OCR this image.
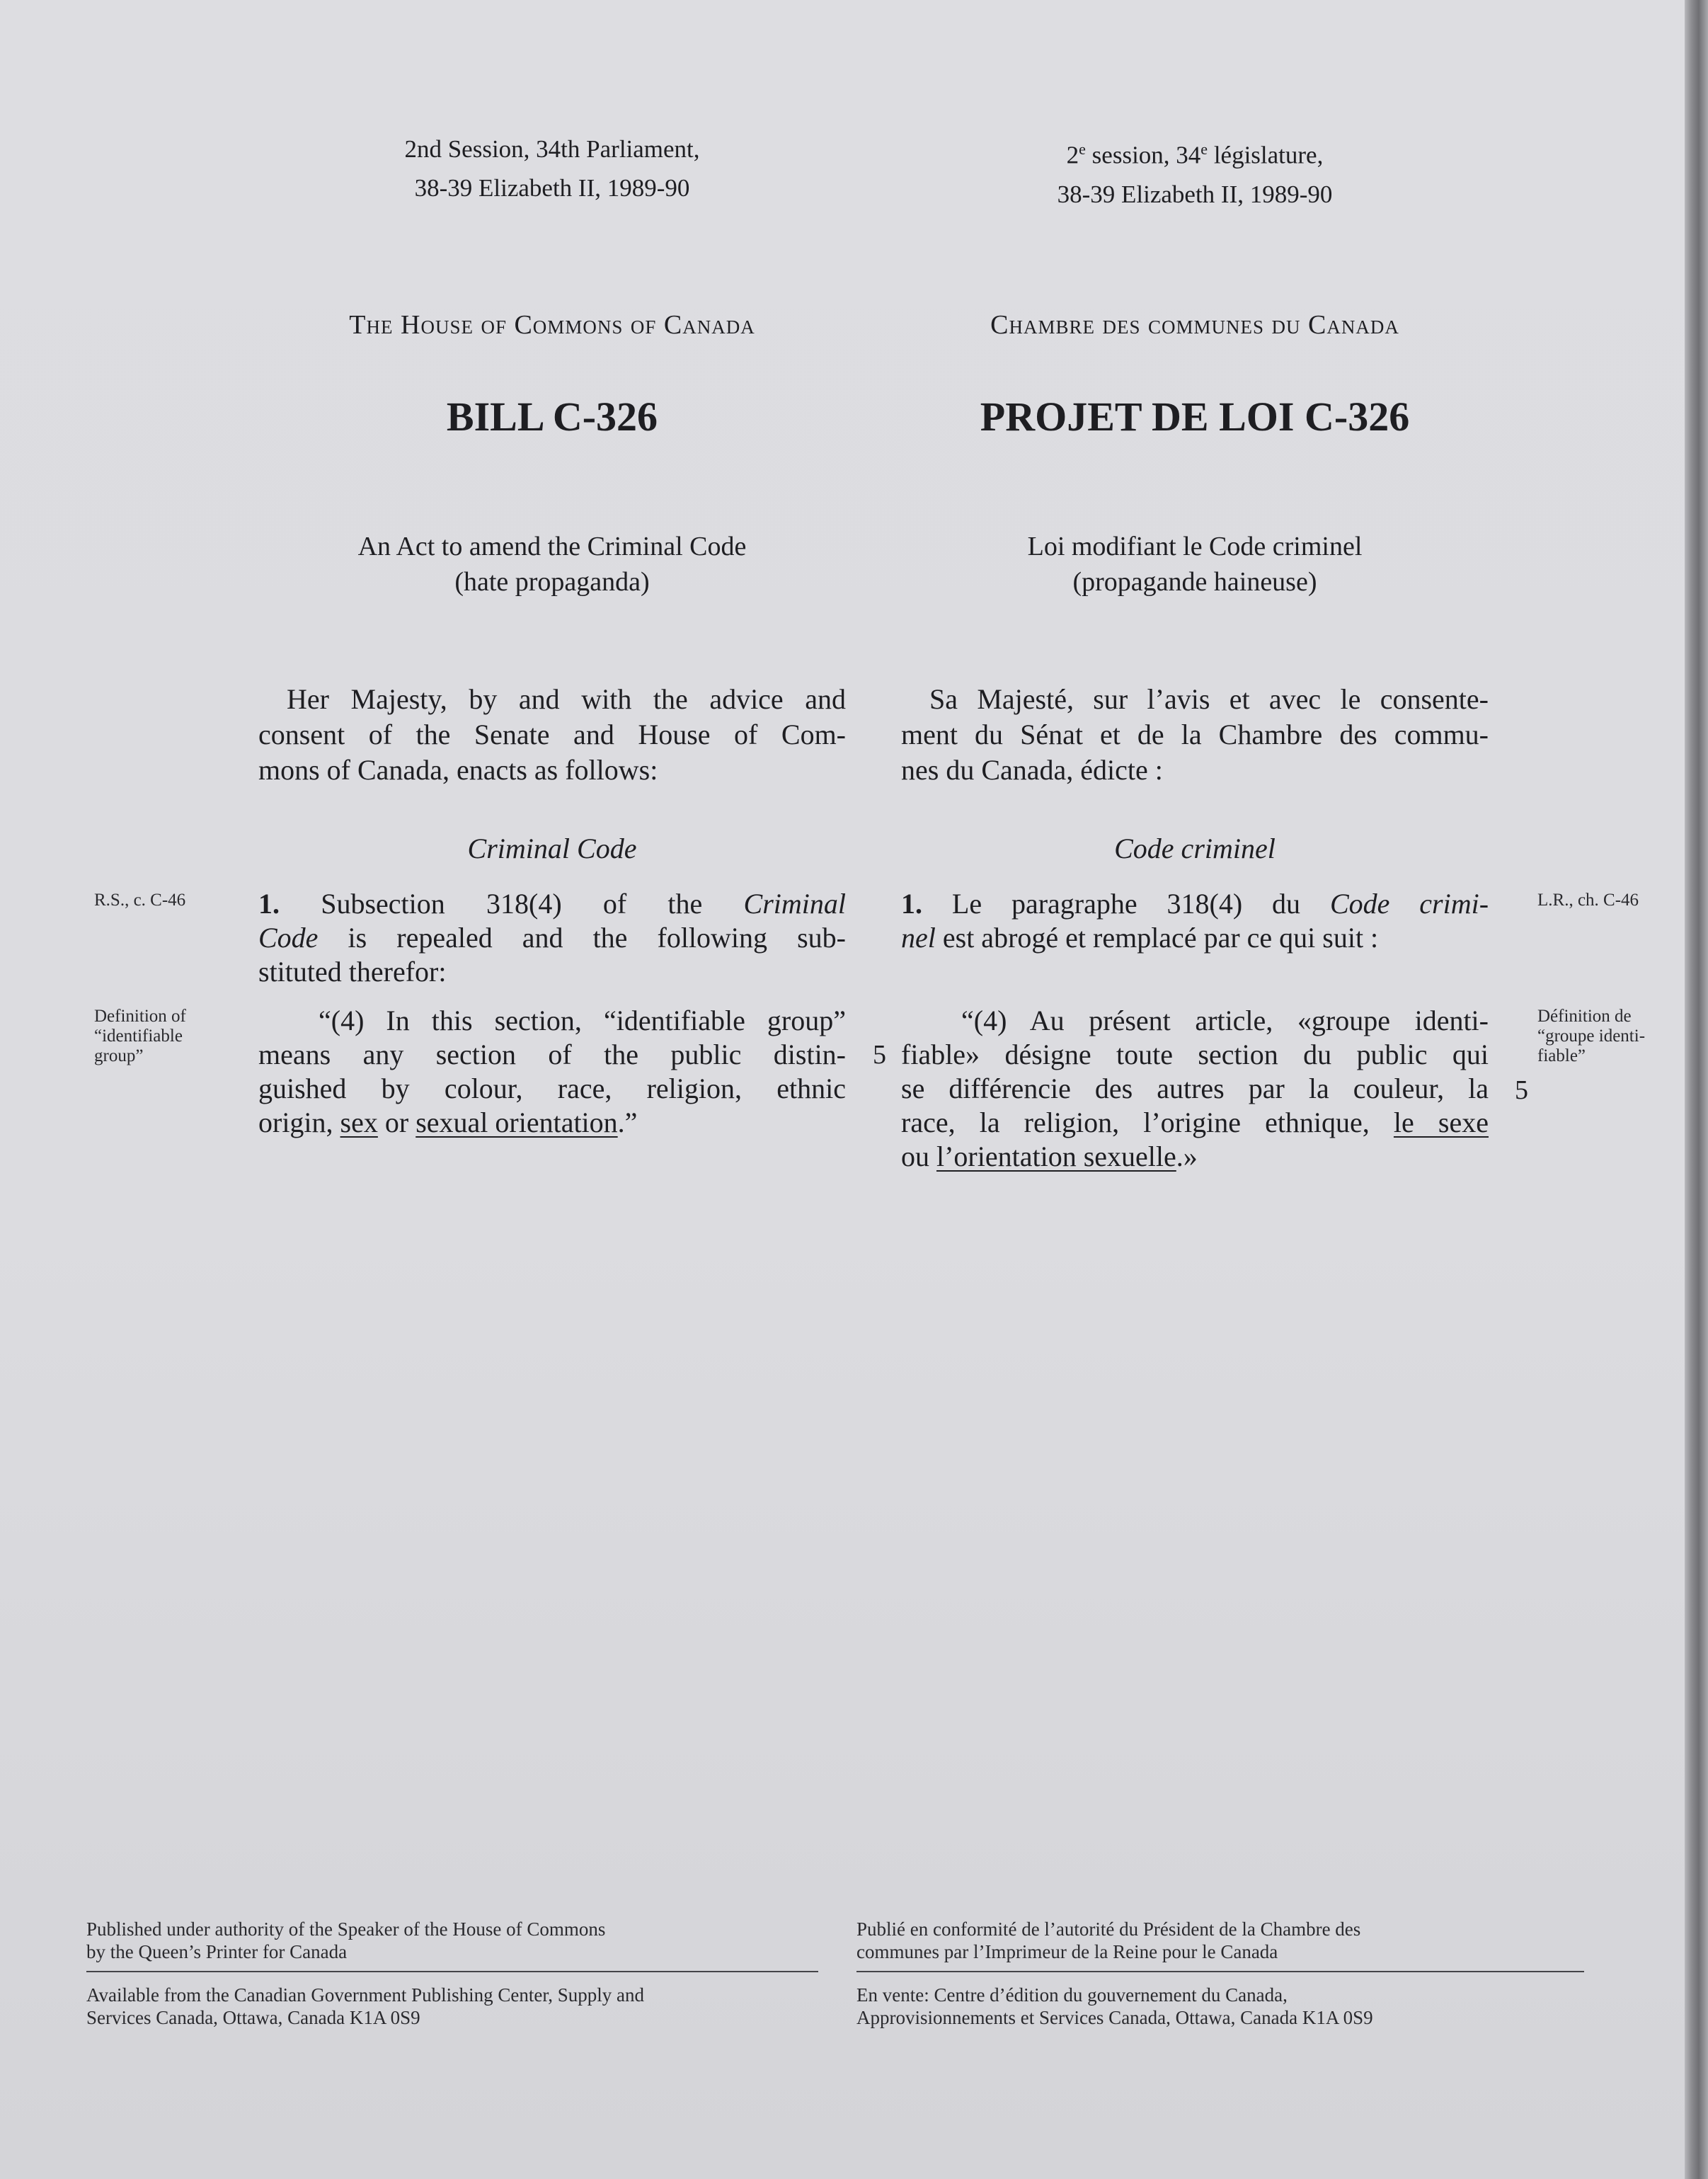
2nd Session, 34th Parliament,
38-39 Elizabeth II, 1989-90
The House of Commons of Canada
BILL C-326
An Act to amend the Criminal Code
(hate propaganda)
Her Majesty, by and with the advice and
consent of the Senate and House of Com-
mons of Canada, enacts as follows:
Criminal Code
1. Subsection 318(4) of the Criminal
Code is repealed and the following sub-
stituted therefor:
“(4) In this section, “identifiable group”
means any section of the public distin-
guished by colour, race, religion, ethnic
origin, sex or sexual orientation.”
R.S., c. C-46
Definition of
“identifiable
group”	5
2e session, 34e législature,
38-39 Elizabeth II, 1989-90
Chambre des communes du Canada
PROJET DE LOI C-326
Loi modifiant le Code criminel
(propagande haineuse)
Sa Majesté, sur l’avis et avec le consente-
ment du Sénat et de la Chambre des commu-
nes du Canada, édicte :
Code criminel
1. Le paragraphe 318(4) du Code crimi-
nel est abrogé et remplacé par ce qui suit :
“(4) Au présent article, «groupe identi-
fiable» désigne toute section du public qui
se différencie des autres par la couleur, la
race, la religion, l’origine ethnique, le sexe
ou l’orientation sexuelle.»
L.R., ch. C-46
Définition de
“groupe identi-
fiable”
5
Published under authority of the Speaker of the House of Commons
by the Queen’s Printer for Canada
Available from the Canadian Government Publishing Center, Supply and
Services Canada, Ottawa, Canada K1A 0S9
Publié en conformité de l’autorité du Président de la Chambre des
communes par l’Imprimeur de la Reine pour le Canada
En vente: Centre d’édition du gouvernement du Canada,
Approvisionnements et Services Canada, Ottawa, Canada K1A 0S9
